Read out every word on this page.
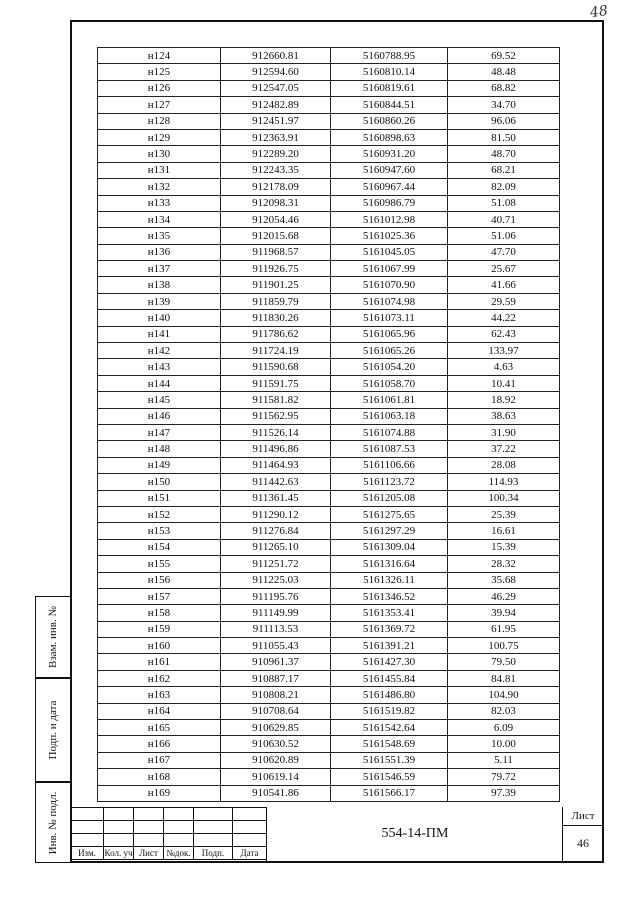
48
Взам. инв. №
Подп. и дата
Инв. № подл.
н124	912660.81	5160788.95	69.52
н125	912594.60	5160810.14	48.48
н126	912547.05	5160819.61	68.82
н127	912482.89	5160844.51	34.70
н128	912451.97	5160860.26	96.06
н129	912363.91	5160898.63	81.50
н130	912289.20	5160931.20	48.70
н131	912243.35	5160947.60	68.21
н132	912178.09	5160967.44	82.09
н133	912098.31	5160986.79	51.08
н134	912054.46	5161012.98	40.71
н135	912015.68	5161025.36	51.06
н136	911968.57	5161045.05	47.70
н137	911926.75	5161067.99	25.67
н138	911901.25	5161070.90	41.66
н139	911859.79	5161074.98	29.59
н140	911830.26	5161073.11	44.22
н141	911786.62	5161065.96	62.43
н142	911724.19	5161065.26	133.97
н143	911590.68	5161054.20	4.63
н144	911591.75	5161058.70	10.41
н145	911581.82	5161061.81	18.92
н146	911562.95	5161063.18	38.63
н147	911526.14	5161074.88	31.90
н148	911496.86	5161087.53	37.22
н149	911464.93	5161106.66	28.08
н150	911442.63	5161123.72	114.93
н151	911361.45	5161205.08	100.34
н152	911290.12	5161275.65	25.39
н153	911276.84	5161297.29	16.61
н154	911265.10	5161309.04	15.39
н155	911251.72	5161316.64	28.32
н156	911225.03	5161326.11	35.68
н157	911195.76	5161346.52	46.29
н158	911149.99	5161353.41	39.94
н159	911113.53	5161369.72	61.95
н160	911055.43	5161391.21	100.75
н161	910961.37	5161427.30	79.50
н162	910887.17	5161455.84	84.81
н163	910808.21	5161486.80	104.90
н164	910708.64	5161519.82	82.03
н165	910629.85	5161542.64	6.09
н166	910630.52	5161548.69	10.00
н167	910620.89	5161551.39	5.11
н168	910619.14	5161546.59	79.72
н169	910541.86	5161566.17	97.39

Изм.	Кол. уч	Лист	№док.	Подп.	Дата
554-14-ПМ
Лист
46
